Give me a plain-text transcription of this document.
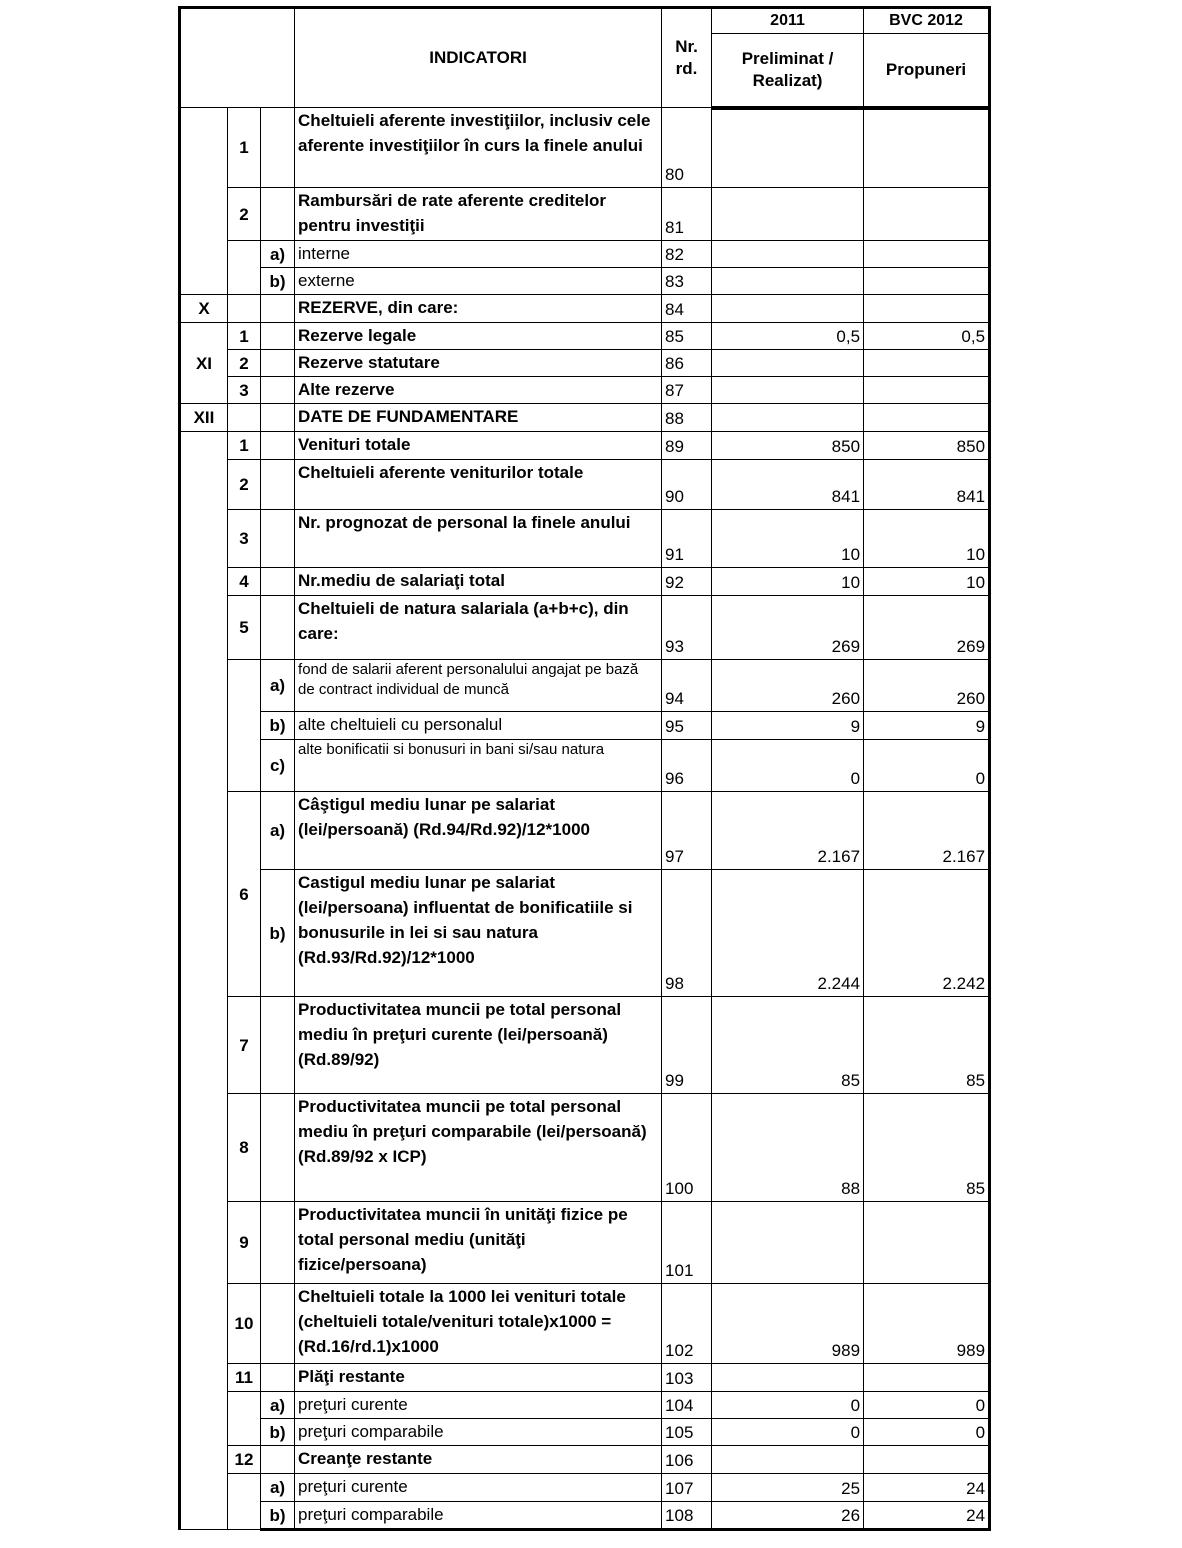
			INDICATORI	Nr. rd.	2011	BVC 2012
					Preliminat / Realizat)	Propuneri
	1		Cheltuieli aferente investiţiilor, inclusiv cele aferente investiţiilor în curs la finele anului	80		
	2		Rambursări de rate aferente creditelor pentru investiţii	81		
		a)	interne	82		
		b)	externe	83		
X			REZERVE, din care:	84		
XI	1		Rezerve legale	85	0,5	0,5
	2		Rezerve statutare	86		
	3		Alte rezerve	87		
XII			DATE DE FUNDAMENTARE	88		
	1		Venituri totale	89	850	850
	2		Cheltuieli aferente veniturilor totale	90	841	841
	3		Nr. prognozat de personal la finele anului	91	10	10
	4		Nr.mediu de salariaţi total	92	10	10
	5		Cheltuieli de natura salariala (a+b+c), din care:	93	269	269
		a)	fond de salarii aferent personalului angajat pe bază de contract individual de muncă	94	260	260
		b)	alte cheltuieli cu personalul	95	9	9
		c)	alte bonificatii si bonusuri in bani si/sau natura	96	0	0
	6	a)	Câştigul mediu lunar pe salariat (lei/persoană) (Rd.94/Rd.92)/12*1000	97	2.167	2.167
		b)	Castigul mediu lunar pe salariat (lei/persoana) influentat de bonificatiile si bonusurile in lei si sau natura (Rd.93/Rd.92)/12*1000	98	2.244	2.242
	7		Productivitatea muncii pe total personal mediu în preţuri curente (lei/persoană)(Rd.89/92)	99	85	85
	8		Productivitatea muncii pe total personal mediu în preţuri comparabile (lei/persoană)(Rd.89/92 x ICP)	100	88	85
	9		Productivitatea muncii în unităţi fizice pe total personal mediu (unităţi fizice/persoana)	101		
	10		Cheltuieli totale la 1000 lei venituri totale (cheltuieli totale/venituri totale)x1000 =(Rd.16/rd.1)x1000	102	989	989
	11		Plăţi restante	103		
		a)	preţuri curente	104	0	0
		b)	preţuri comparabile	105	0	0
	12		Creanţe restante	106		
		a)	preţuri curente	107	25	24
		b)	preţuri comparabile	108	26	24
